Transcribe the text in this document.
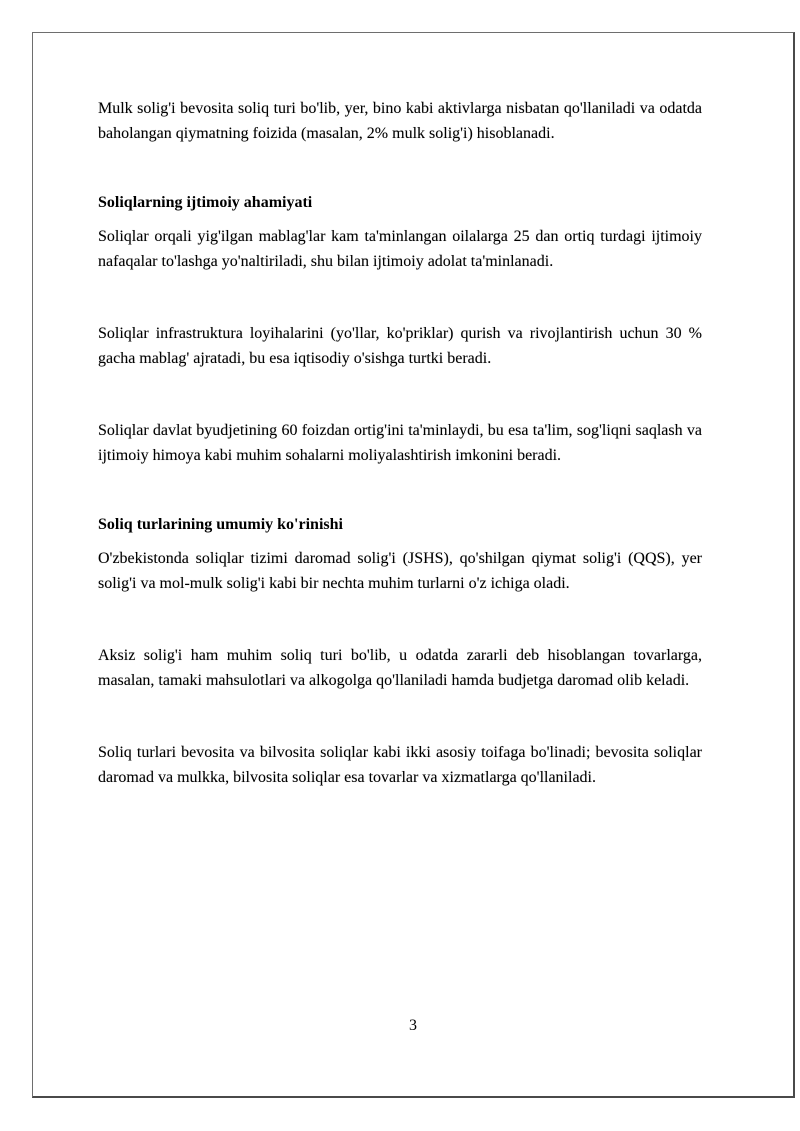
Mulk solig'i bevosita soliq turi bo'lib, yer, bino kabi aktivlarga nisbatan qo'llaniladi va odatda baholangan qiymatning foizida (masalan, 2% mulk solig'i) hisoblanadi.

Soliqlarning ijtimoiy ahamiyati

Soliqlar orqali yig'ilgan mablag'lar kam ta'minlangan oilalarga 25 dan ortiq turdagi ijtimoiy nafaqalar to'lashga yo'naltiriladi, shu bilan ijtimoiy adolat ta'minlanadi.

Soliqlar infrastruktura loyihalarini (yo'llar, ko'priklar) qurish va rivojlantirish uchun 30 % gacha mablag' ajratadi, bu esa iqtisodiy o'sishga turtki beradi.

Soliqlar davlat byudjetining 60 foizdan ortig'ini ta'minlaydi, bu esa ta'lim, sog'liqni saqlash va ijtimoiy himoya kabi muhim sohalarni moliyalashtirish imkonini beradi.

Soliq turlarining umumiy ko'rinishi

O'zbekistonda soliqlar tizimi daromad solig'i (JSHS), qo'shilgan qiymat solig'i (QQS), yer solig'i va mol-mulk solig'i kabi bir nechta muhim turlarni o'z ichiga oladi.

Aksiz solig'i ham muhim soliq turi bo'lib, u odatda zararli deb hisoblangan tovarlarga, masalan, tamaki mahsulotlari va alkogolga qo'llaniladi hamda budjetga daromad olib keladi.

Soliq turlari bevosita va bilvosita soliqlar kabi ikki asosiy toifaga bo'linadi; bevosita soliqlar daromad va mulkka, bilvosita soliqlar esa tovarlar va xizmatlarga qo'llaniladi.

3
